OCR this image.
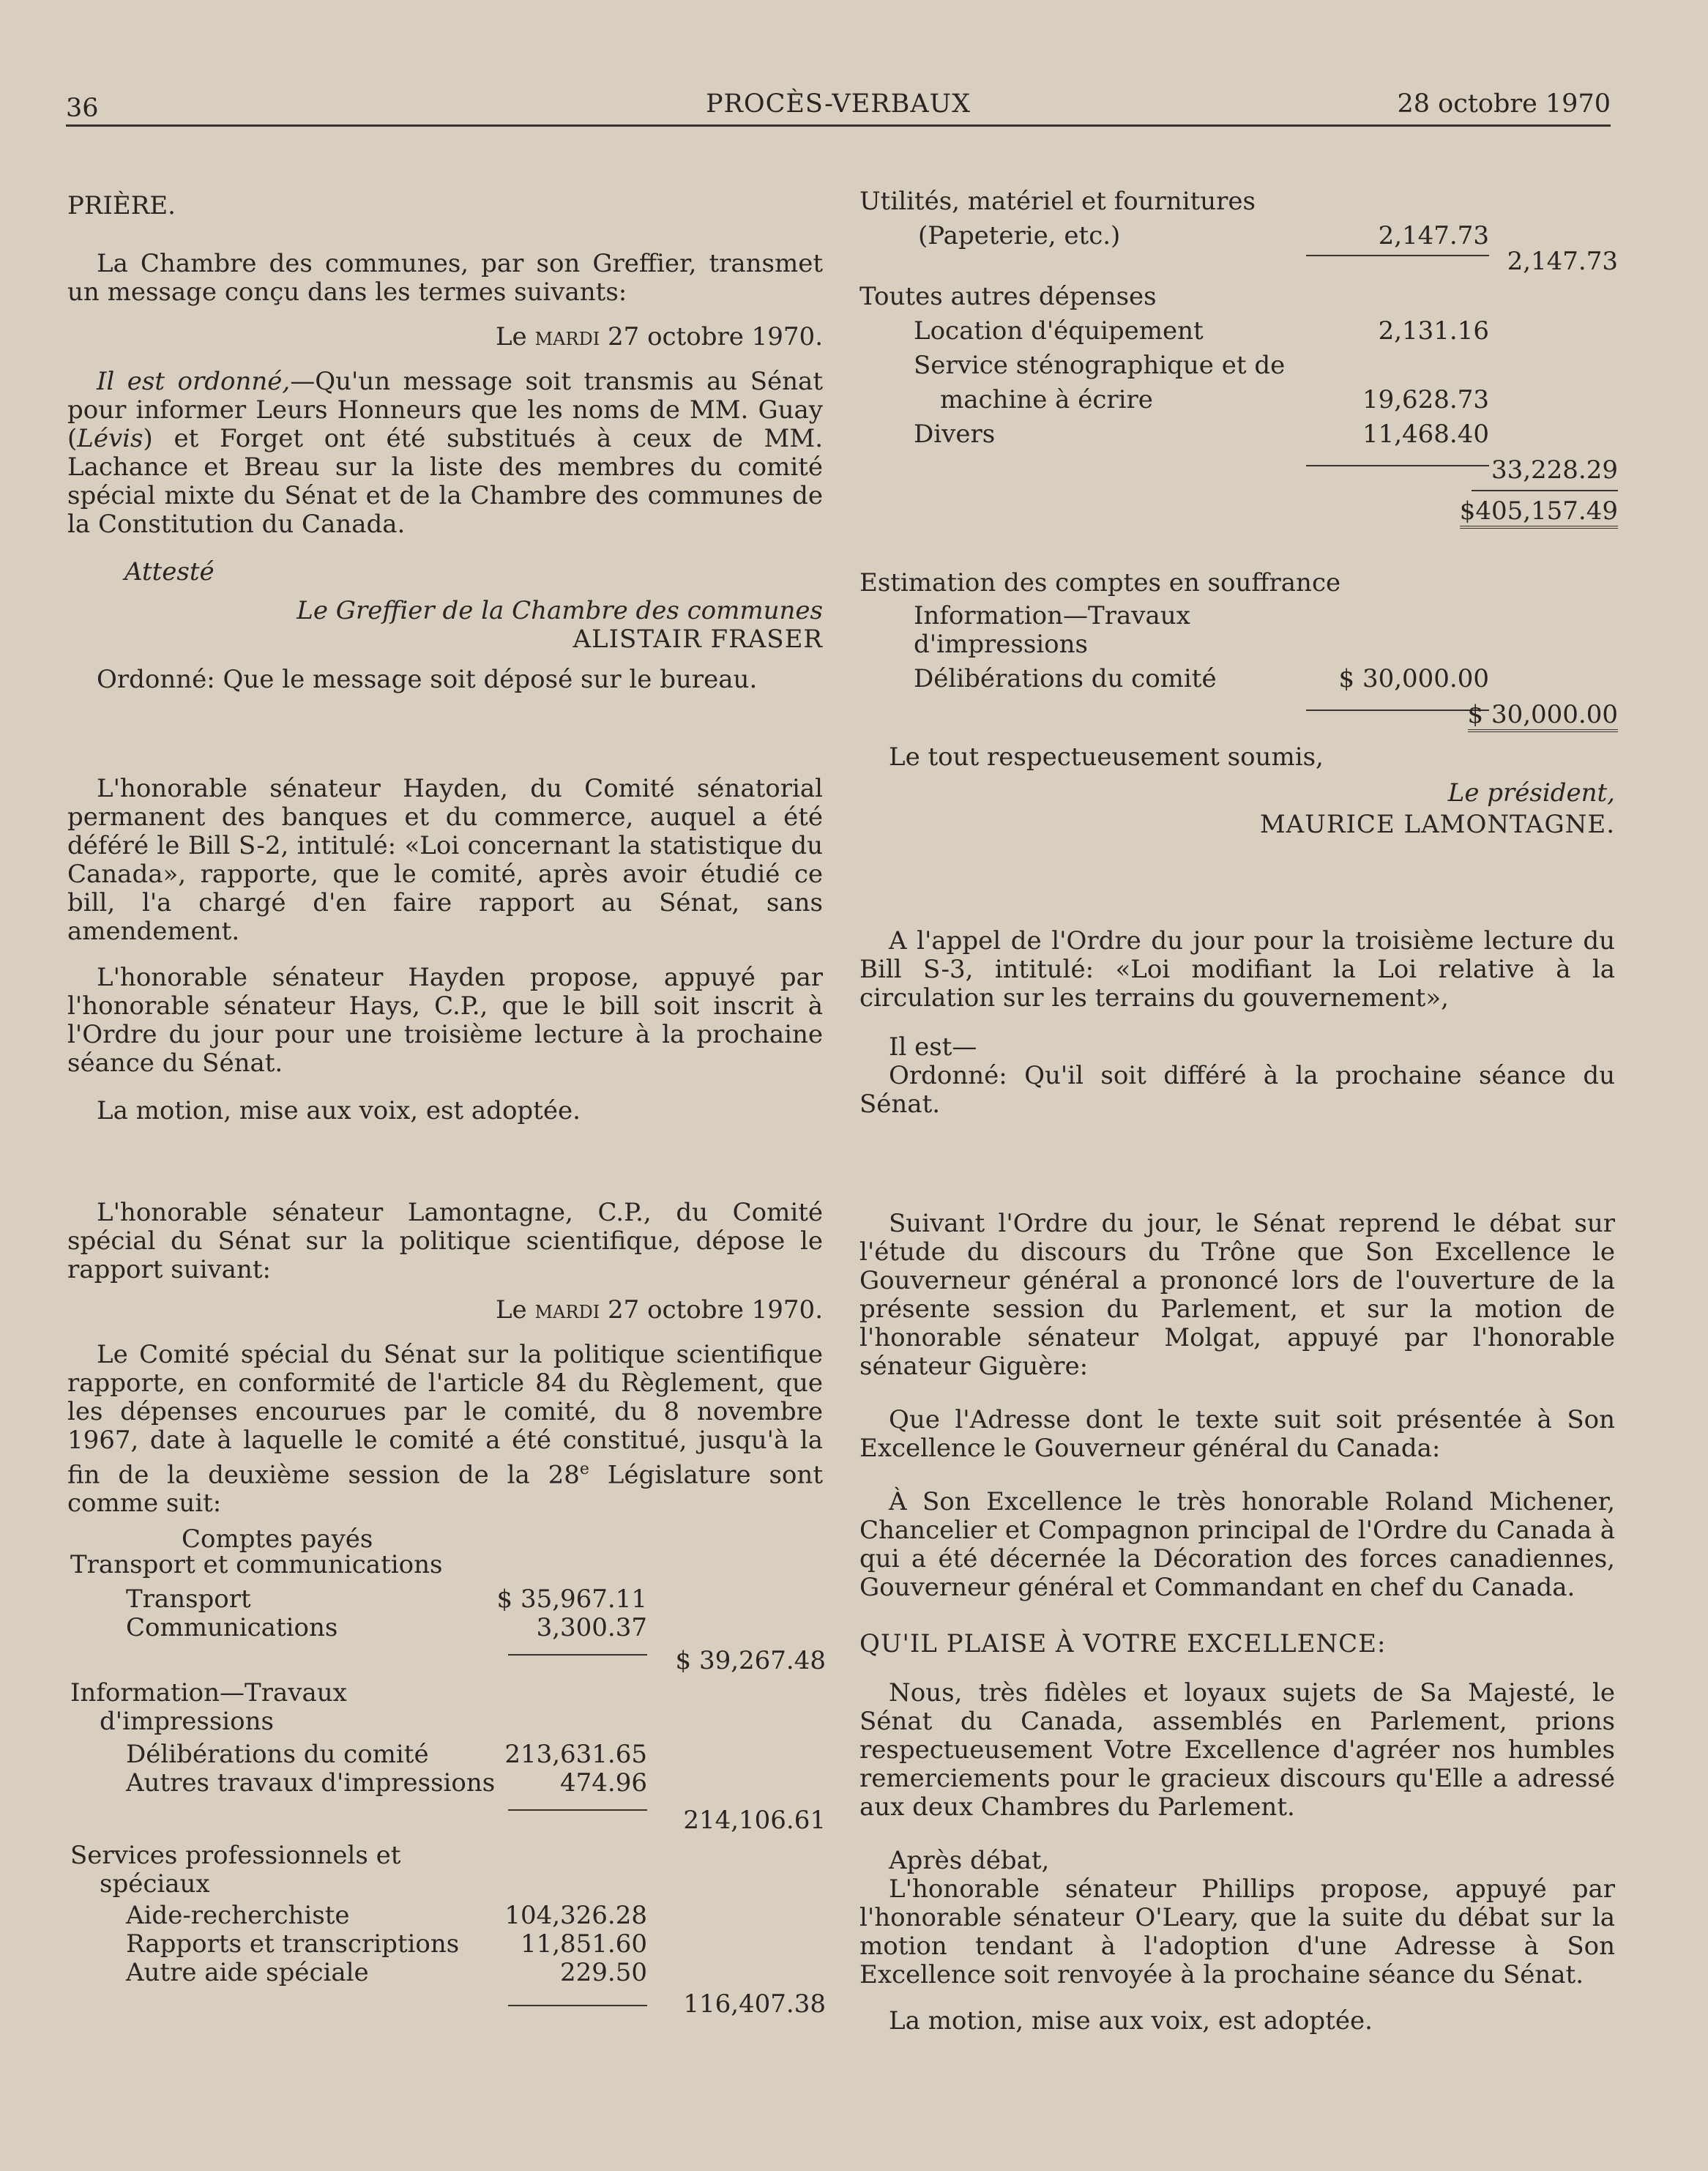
36	PROCÈS-VERBAUX	28 octobre 1970

PRIÈRE.

La Chambre des communes, par son Greffier, transmet un message conçu dans les termes suivants:

Le mardi 27 octobre 1970.

Il est ordonné,—Qu'un message soit transmis au Sénat pour informer Leurs Honneurs que les noms de MM. Guay (Lévis) et Forget ont été substitués à ceux de MM. Lachance et Breau sur la liste des membres du comité spécial mixte du Sénat et de la Chambre des communes de la Constitution du Canada.

Attesté

Le Greffier de la Chambre des communes

ALISTAIR FRASER

Ordonné: Que le message soit déposé sur le bureau.

L'honorable sénateur Hayden, du Comité sénatorial permanent des banques et du commerce, auquel a été déféré le Bill S-2, intitulé: «Loi concernant la statistique du Canada», rapporte, que le comité, après avoir étudié ce bill, l'a chargé d'en faire rapport au Sénat, sans amendement.

L'honorable sénateur Hayden propose, appuyé par l'honorable sénateur Hays, C.P., que le bill soit inscrit à l'Ordre du jour pour une troisième lecture à la prochaine séance du Sénat.

La motion, mise aux voix, est adoptée.

L'honorable sénateur Lamontagne, C.P., du Comité spécial du Sénat sur la politique scientifique, dépose le rapport suivant:

Le mardi 27 octobre 1970.

Le Comité spécial du Sénat sur la politique scientifique rapporte, en conformité de l'article 84 du Règlement, que les dépenses encourues par le comité, du 8 novembre 1967, date à laquelle le comité a été constitué, jusqu'à la fin de la deuxième session de la 28e Législature sont comme suit:

Comptes payés
Transport et communications
Transport	$ 35,967.11
Communications	3,300.37
$ 39,267.48
Information—Travaux
d'impressions
Délibérations du comité	213,631.65
Autres travaux d'impressions	474.96
214,106.61
Services professionnels et
spéciaux
Aide-recherchiste	104,326.28
Rapports et transcriptions 11,851.60
Autre aide spéciale	229.50
116,407.38
Utilités, matériel et fournitures
(Papeterie, etc.)	2,147.73
2,147.73
Toutes autres dépenses
Location d'équipement	2,131.16
Service sténographique et de
machine à écrire	19,628.73
Divers	11,468.40
33,228.29
$405,157.49

Estimation des comptes en souffrance

Information—Travaux
d'impressions
Délibérations du comité	$ 30,000.00
$ 30,000.00

Le tout respectueusement soumis,

Le président,

MAURICE LAMONTAGNE.

A l'appel de l'Ordre du jour pour la troisième lecture du Bill S-3, intitulé: «Loi modifiant la Loi relative à la circulation sur les terrains du gouvernement»,

Il est—

Ordonné: Qu'il soit différé à la prochaine séance du Sénat.

Suivant l'Ordre du jour, le Sénat reprend le débat sur l'étude du discours du Trône que Son Excellence le Gouverneur général a prononcé lors de l'ouverture de la présente session du Parlement, et sur la motion de l'honorable sénateur Molgat, appuyé par l'honorable sénateur Giguère:

Que l'Adresse dont le texte suit soit présentée à Son Excellence le Gouverneur général du Canada:

À Son Excellence le très honorable Roland Michener, Chancelier et Compagnon principal de l'Ordre du Canada à qui a été décernée la Décoration des forces canadiennes, Gouverneur général et Commandant en chef du Canada.

QU'IL PLAISE À VOTRE EXCELLENCE:

Nous, très fidèles et loyaux sujets de Sa Majesté, le Sénat du Canada, assemblés en Parlement, prions respectueusement Votre Excellence d'agréer nos humbles remerciements pour le gracieux discours qu'Elle a adressé aux deux Chambres du Parlement.

Après débat,

L'honorable sénateur Phillips propose, appuyé par l'honorable sénateur O'Leary, que la suite du débat sur la motion tendant à l'adoption d'une Adresse à Son Excellence soit renvoyée à la prochaine séance du Sénat.

La motion, mise aux voix, est adoptée.
